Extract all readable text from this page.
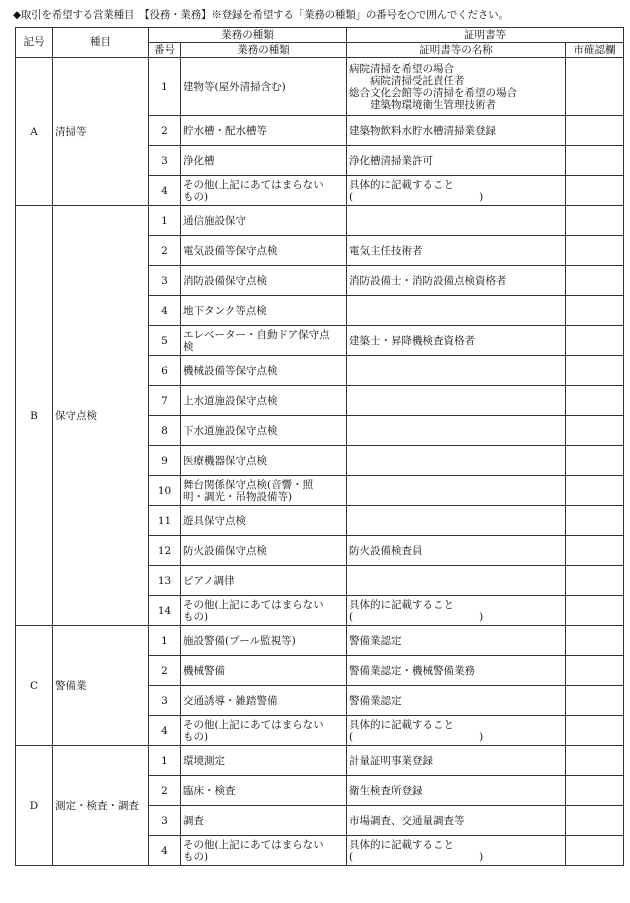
◆取引を希望する営業種目　【役務・業務】※登録を希望する「業務の種類」の番号を○で囲んでください。
記号	種目	業務の種類		証明書等	
		番号	業務の種類	証明書等の名称	市確認欄
A	清掃等	1	建物等(屋外清掃含む)	病院清掃を希望の場合
　　病院清掃受託責任者
総合文化会館等の清掃を希望の場合
　　建築物環境衛生管理技術者	

		2	貯水槽・配水槽等	建築物飲料水貯水槽清掃業登録	

		3	浄化槽	浄化槽清掃業許可	

		4	その他(上記にあてはまらない
もの)	具体的に記載すること
(　　　　　　　　　　　　)	

B	保守点検	1	通信施設保守		

		2	電気設備等保守点検	電気主任技術者	

		3	消防設備保守点検	消防設備士・消防設備点検資格者	

		4	地下タンク等点検		

		5	エレベーター・自動ドア保守点
検	建築士・昇降機検査資格者	

		6	機械設備等保守点検		

		7	上水道施設保守点検		

		8	下水道施設保守点検		

		9	医療機器保守点検		

		10	舞台関係保守点検(音響・照
明・調光・吊物設備等)		

		11	遊具保守点検		

		12	防火設備保守点検	防火設備検査員	

		13	ピアノ調律		

		14	その他(上記にあてはまらない
もの)	具体的に記載すること
(　　　　　　　　　　　　)	

C	警備業	1	施設警備(プール監視等)	警備業認定	

		2	機械警備	警備業認定・機械警備業務	

		3	交通誘導・雑踏警備	警備業認定	

		4	その他(上記にあてはまらない
もの)	具体的に記載すること
(　　　　　　　　　　　　)	

D	測定・検査・調査	1	環境測定	計量証明事業登録	

		2	臨床・検査	衛生検査所登録	

		3	調査	市場調査、交通量調査等	

		4	その他(上記にあてはまらない
もの)	具体的に記載すること
(　　　　　　　　　　　　)	
